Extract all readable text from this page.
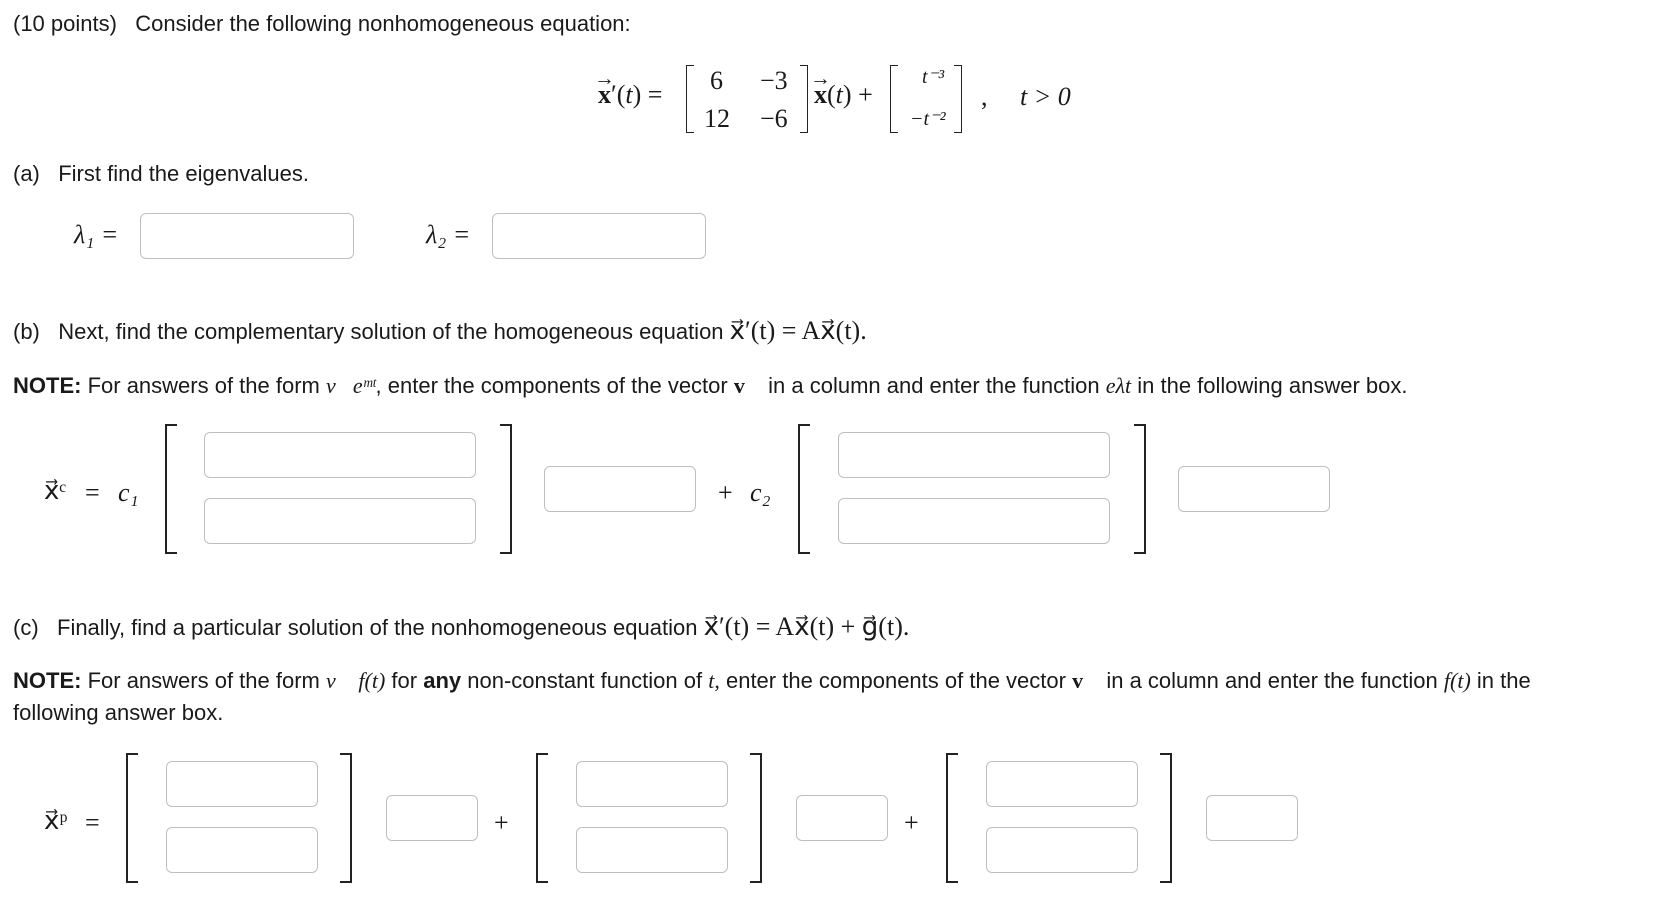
(10 points) Consider the following nonhomogeneous equation:
→ x′(t) = 6 −3
12 −6
→ x(t) +
t⁻³
−t⁻²
, t > 0
(a) First find the eigenvalues.
λ₁ =	λ₂ =
(b) Next, find the complementary solution of the homogeneous equation x⃗′(t) = Ax⃗(t).
NOTE: For answers of the form v⃗eᵐᵗ, enter the components of the vector v⃗ in a column and enter the function eλt in the following answer box.
x⃗ᶜ = c₁	+ c₂
(c) Finally, find a particular solution of the nonhomogeneous equation x⃗′(t) = Ax⃗(t) + g⃗(t).
NOTE: For answers of the form v⃗ f(t) for any non-constant function of t, enter the components of the vector v⃗ in a column and enter the function f(t) in the
following answer box.
x⃗ᵖ =	+	+
